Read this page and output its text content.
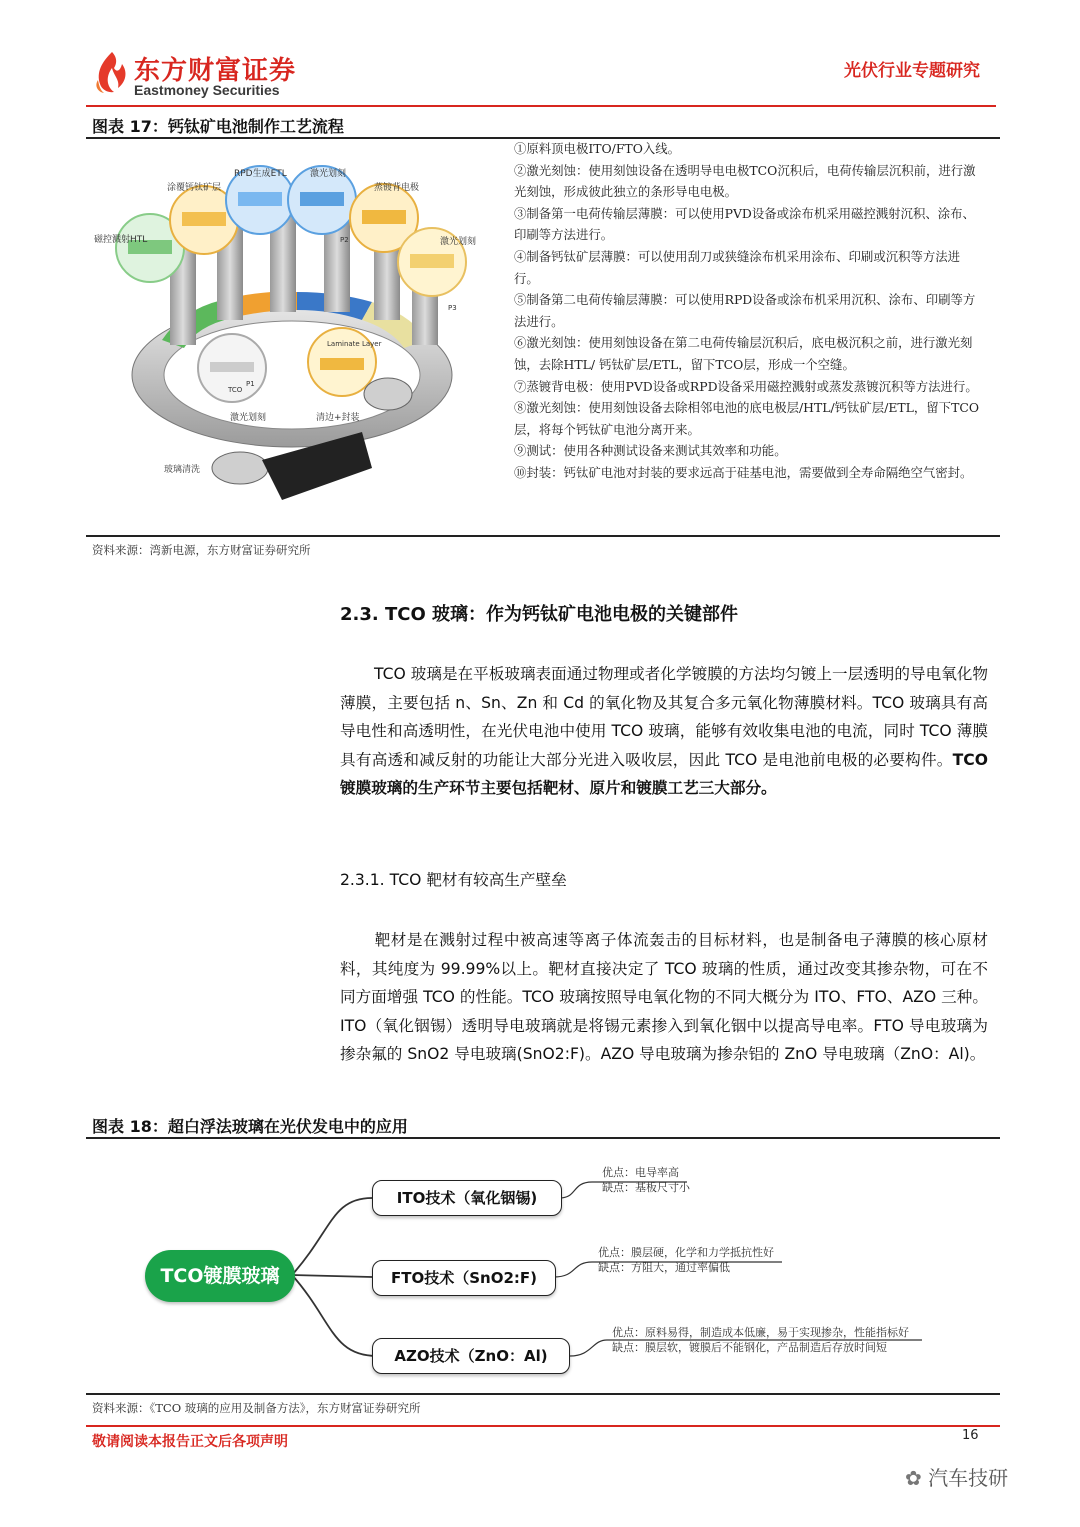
东方财富证券
Eastmoney Securities
光伏行业专题研究
图表 17：钙钛矿电池制作工艺流程
RPD生成ETL	激光划刻
涂覆钙钛矿层	蒸镀背电极
磁控溅射HTL	激光划刻
Laminate Layer
TCO
P1
P2
P3
激光划刻	清边+封装
玻璃清洗
①原料顶电极ITO/FTO入线。
②激光刻蚀：使用刻蚀设备在透明导电电极TCO沉积后，电荷传输层沉积前，进行激光刻蚀，形成彼此独立的条形导电电极。
③制备第一电荷传输层薄膜：可以使用PVD设备或涂布机采用磁控溅射沉积、涂布、印刷等方法进行。
④制备钙钛矿层薄膜：可以使用刮刀或狭缝涂布机采用涂布、印刷或沉积等方法进行。
⑤制备第二电荷传输层薄膜：可以使用RPD设备或涂布机采用沉积、涂布、印刷等方法进行。
⑥激光刻蚀：使用刻蚀设备在第二电荷传输层沉积后，底电极沉积之前，进行激光刻蚀，去除HTL/ 钙钛矿层/ETL，留下TCO层，形成一个空缝。
⑦蒸镀背电极：使用PVD设备或RPD设备采用磁控溅射或蒸发蒸镀沉积等方法进行。
⑧激光刻蚀：使用刻蚀设备去除相邻电池的底电极层/HTL/钙钛矿层/ETL，留下TCO层，将每个钙钛矿电池分离开来。
⑨测试：使用各种测试设备来测试其效率和功能。
⑩封装：钙钛矿电池对封装的要求远高于硅基电池，需要做到全寿命隔绝空气密封。
资料来源：湾新电源，东方财富证券研究所
2.3. TCO 玻璃：作为钙钛矿电池电极的关键部件
TCO 玻璃是在平板玻璃表面通过物理或者化学镀膜的方法均匀镀上一层透明的导电氧化物薄膜，主要包括 n、Sn、Zn 和 Cd 的氧化物及其复合多元氧化物薄膜材料。TCO 玻璃具有高导电性和高透明性，在光伏电池中使用 TCO 玻璃，能够有效收集电池的电流，同时 TCO 薄膜具有高透和减反射的功能让大部分光进入吸收层，因此 TCO 是电池前电极的必要构件。TCO 镀膜玻璃的生产环节主要包括靶材、原片和镀膜工艺三大部分。
2.3.1. TCO 靶材有较高生产壁垒
靶材是在溅射过程中被高速等离子体流轰击的目标材料，也是制备电子薄膜的核心原材料，其纯度为 99.99%以上。靶材直接决定了 TCO 玻璃的性质，通过改变其掺杂物，可在不同方面增强 TCO 的性能。TCO 玻璃按照导电氧化物的不同大概分为 ITO、FTO、AZO 三种。ITO（氧化铟锡）透明导电玻璃就是将锡元素掺入到氧化铟中以提高导电率。FTO 导电玻璃为掺杂氟的 SnO2 导电玻璃(SnO2:F)。AZO 导电玻璃为掺杂铝的 ZnO 导电玻璃（ZnO：Al)。
图表 18：超白浮法玻璃在光伏发电中的应用
TCO镀膜玻璃
ITO技术（氧化铟锡)
FTO技术（SnO2:F)
AZO技术（ZnO：Al)
优点：电导率高
缺点：基板尺寸小
优点：膜层硬，化学和力学抵抗性好
缺点：方阻大，通过率偏低
优点：原料易得，制造成本低廉，易于实现掺杂，性能指标好
缺点：膜层软，镀膜后不能钢化，产品制造后存放时间短
资料来源：《TCO 玻璃的应用及制备方法》，东方财富证券研究所
敬请阅读本报告正文后各项声明	16
✿ 汽车技研
